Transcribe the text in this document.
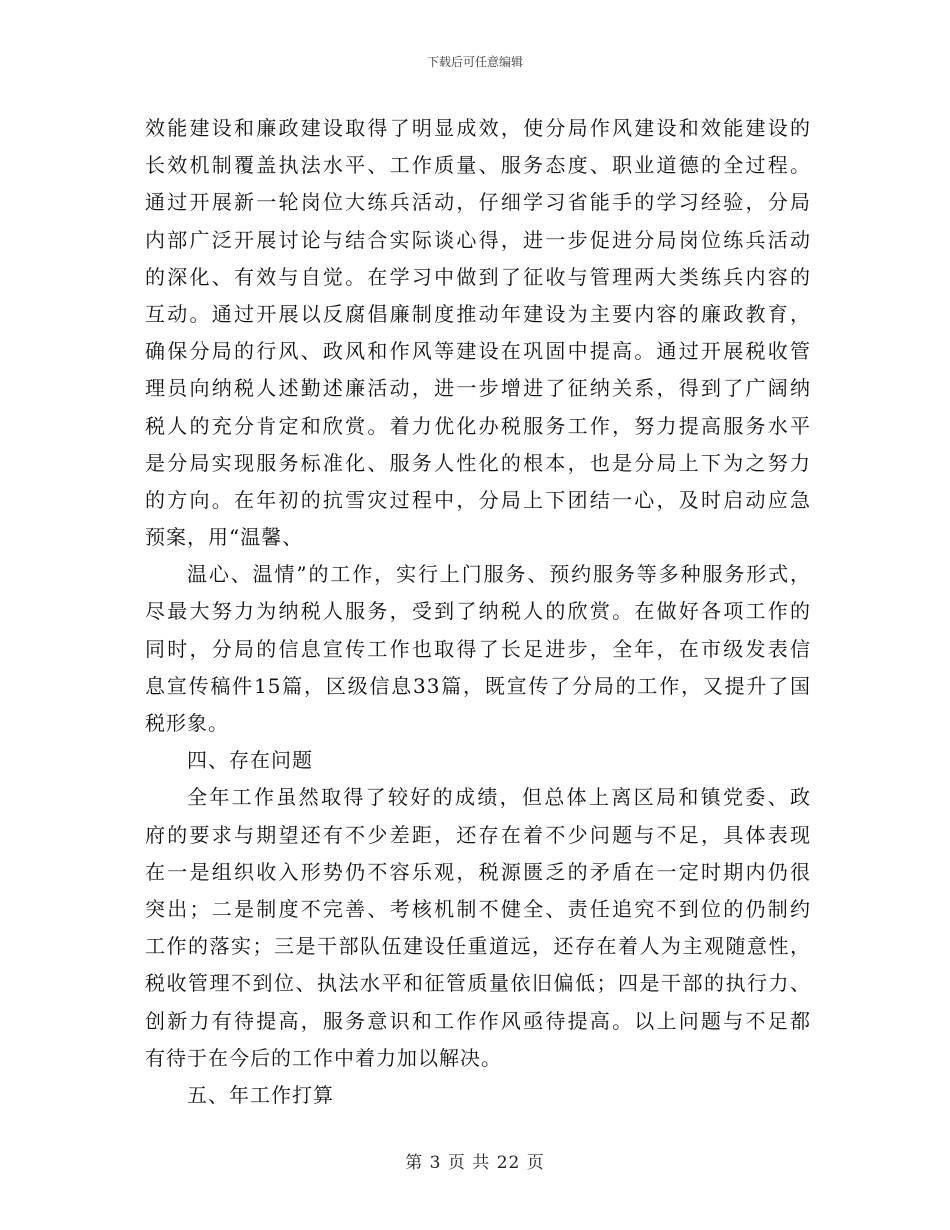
下载后可任意编辑
效能建设和廉政建设取得了明显成效，使分局作风建设和效能建设的
长效机制覆盖执法水平、工作质量、服务态度、职业道德的全过程。
通过开展新一轮岗位大练兵活动，仔细学习省能手的学习经验，分局
内部广泛开展讨论与结合实际谈心得，进一步促进分局岗位练兵活动
的深化、有效与自觉。在学习中做到了征收与管理两大类练兵内容的
互动。通过开展以反腐倡廉制度推动年建设为主要内容的廉政教育，
确保分局的行风、政风和作风等建设在巩固中提高。通过开展税收管
理员向纳税人述勤述廉活动，进一步增进了征纳关系，得到了广阔纳
税人的充分肯定和欣赏。着力优化办税服务工作，努力提高服务水平
是分局实现服务标准化、服务人性化的根本，也是分局上下为之努力
的方向。在年初的抗雪灾过程中，分局上下团结一心，及时启动应急
预案，用“温馨、
温心、温情”的工作，实行上门服务、预约服务等多种服务形式，
尽最大努力为纳税人服务，受到了纳税人的欣赏。在做好各项工作的
同时，分局的信息宣传工作也取得了长足进步，全年，在市级发表信
息宣传稿件15篇，区级信息33篇，既宣传了分局的工作，又提升了国
税形象。
四、存在问题
全年工作虽然取得了较好的成绩，但总体上离区局和镇党委、政
府的要求与期望还有不少差距，还存在着不少问题与不足，具体表现
在一是组织收入形势仍不容乐观，税源匮乏的矛盾在一定时期内仍很
突出；二是制度不完善、考核机制不健全、责任追究不到位的仍制约
工作的落实；三是干部队伍建设任重道远，还存在着人为主观随意性，
税收管理不到位、执法水平和征管质量依旧偏低；四是干部的执行力、
创新力有待提高，服务意识和工作作风亟待提高。以上问题与不足都
有待于在今后的工作中着力加以解决。
五、年工作打算
第 3 页 共 22 页
